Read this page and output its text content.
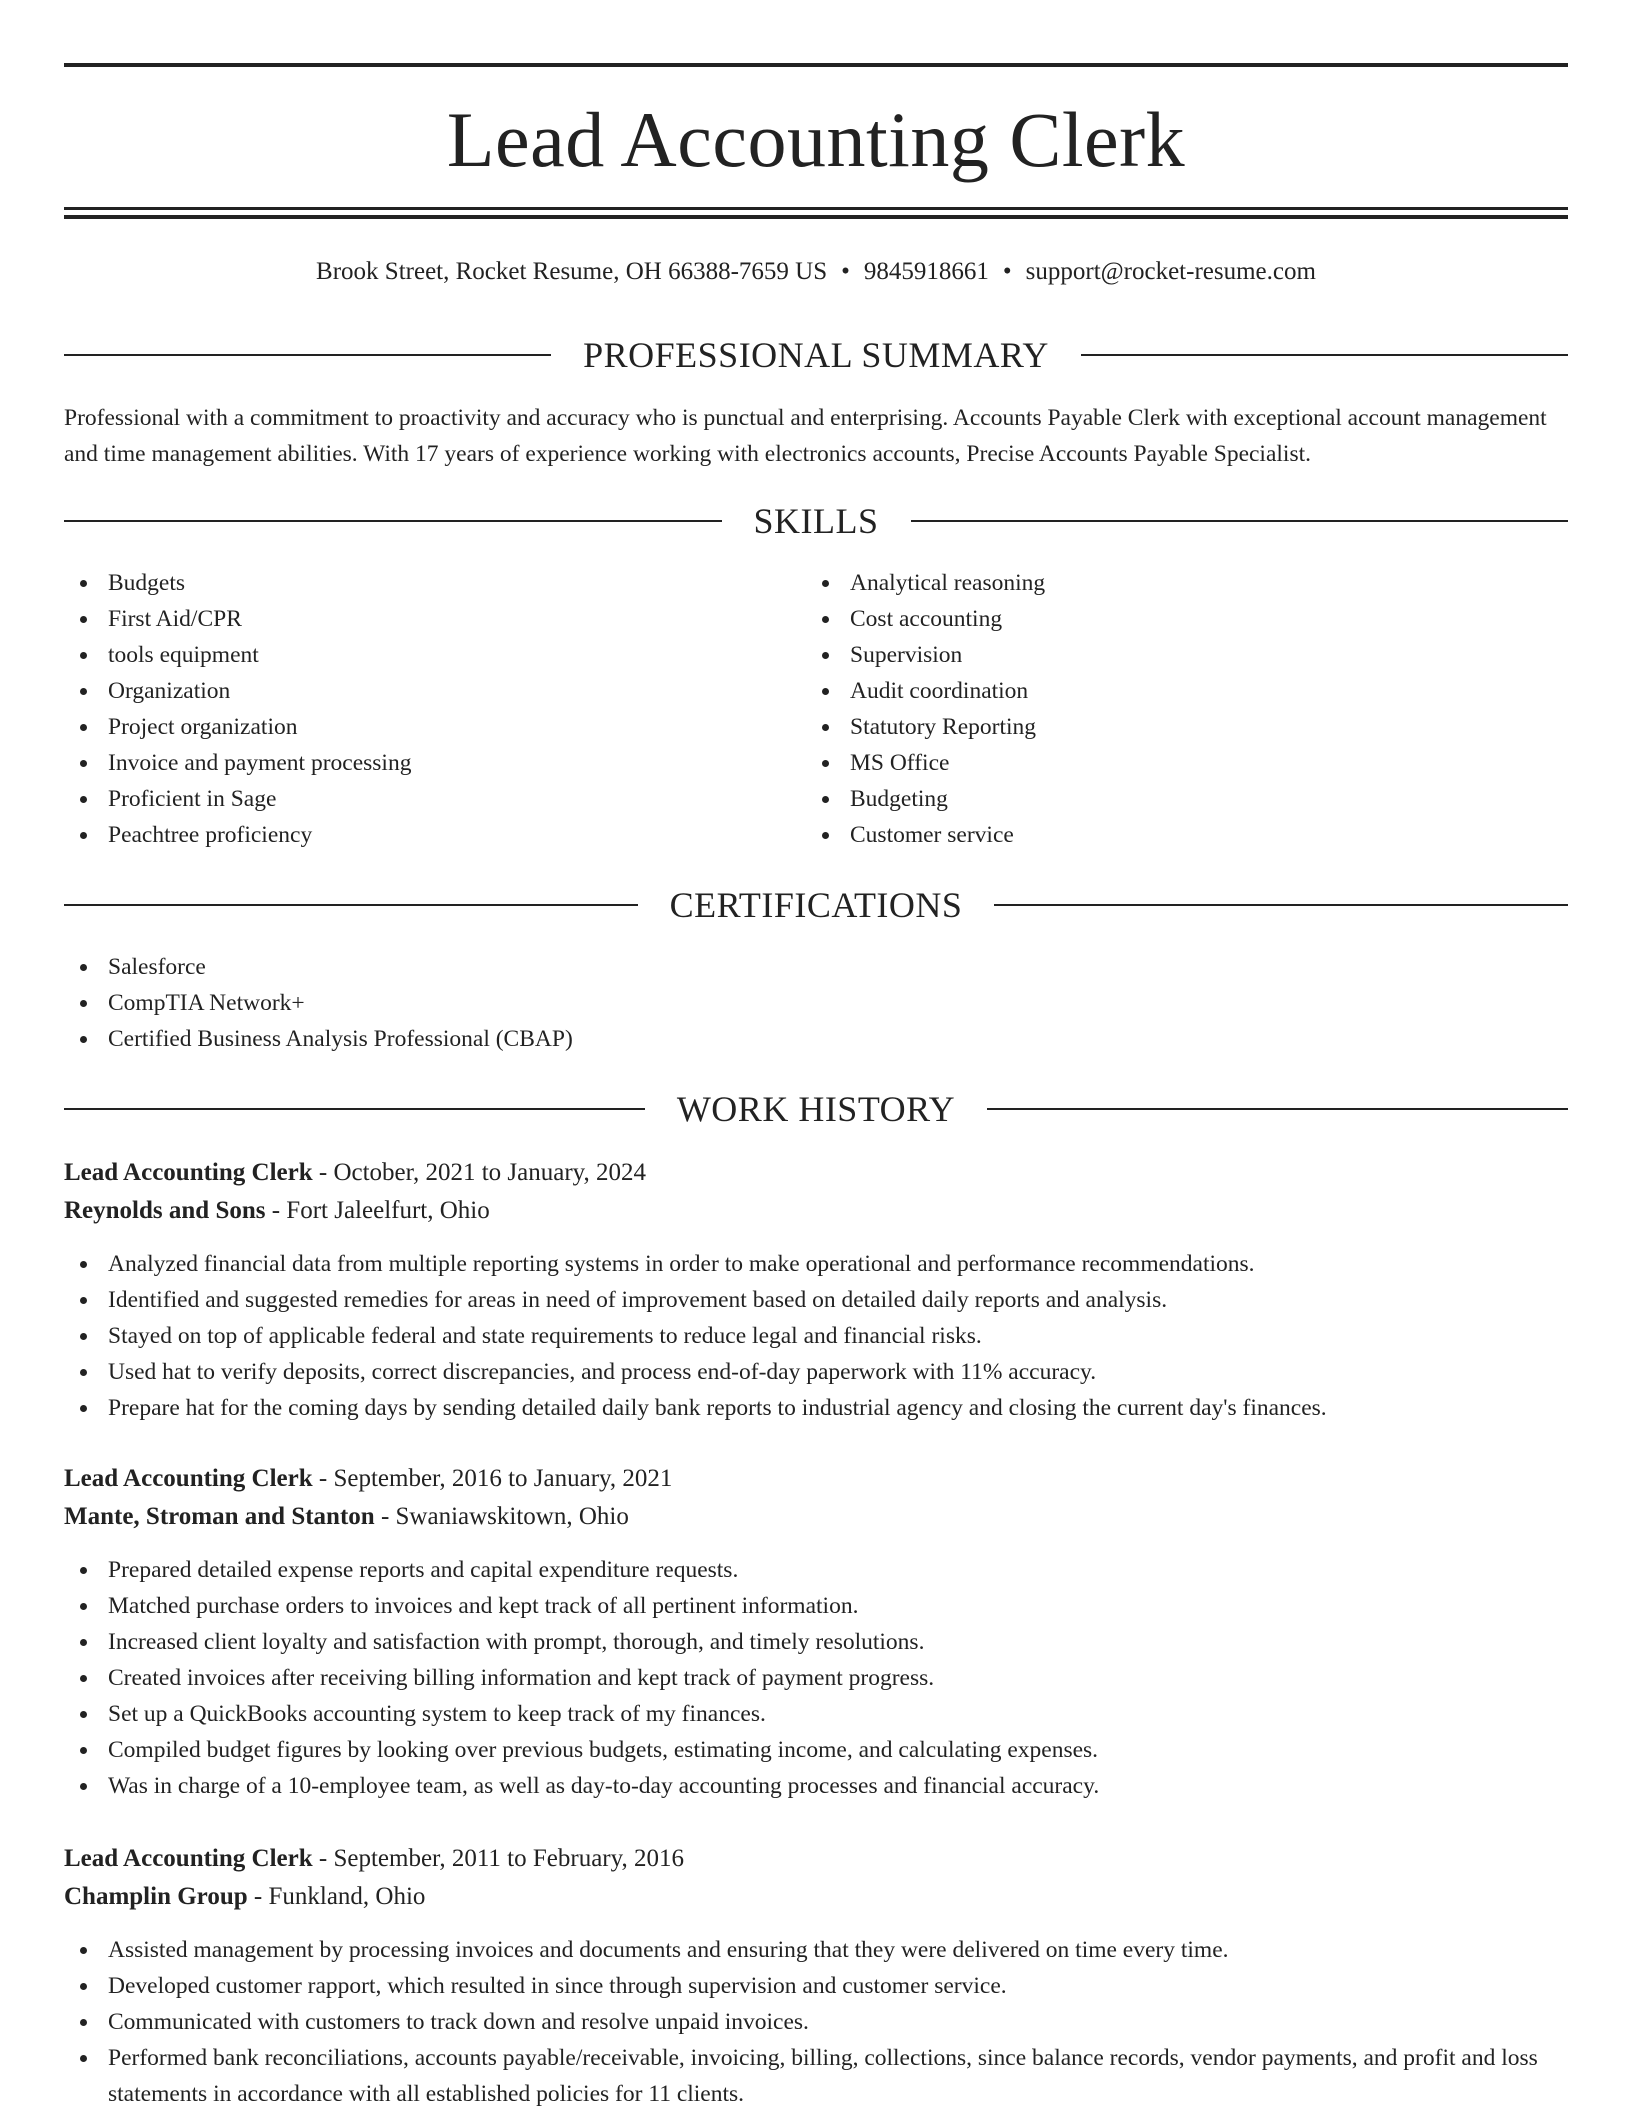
Lead Accounting Clerk
Brook Street, Rocket Resume, OH 66388-7659 US • 9845918661 • support@rocket-resume.com
PROFESSIONAL SUMMARY

Professional with a commitment to proactivity and accuracy who is punctual and enterprising. Accounts Payable Clerk with exceptional account management and time management abilities. With 17 years of experience working with electronics accounts, Precise Accounts Payable Specialist.

SKILLS
Budgets
First Aid/CPR
tools equipment
Organization
Project organization
Invoice and payment processing
Proficient in Sage
Peachtree proficiency
Analytical reasoning
Cost accounting
Supervision
Audit coordination
Statutory Reporting
MS Office
Budgeting
Customer service
CERTIFICATIONS
Salesforce
CompTIA Network+
Certified Business Analysis Professional (CBAP)
WORK HISTORY
Lead Accounting Clerk - October, 2021 to January, 2024
Reynolds and Sons - Fort Jaleelfurt, Ohio
Analyzed financial data from multiple reporting systems in order to make operational and performance recommendations.
Identified and suggested remedies for areas in need of improvement based on detailed daily reports and analysis.
Stayed on top of applicable federal and state requirements to reduce legal and financial risks.
Used hat to verify deposits, correct discrepancies, and process end-of-day paperwork with 11% accuracy.
Prepare hat for the coming days by sending detailed daily bank reports to industrial agency and closing the current day's finances.
Lead Accounting Clerk - September, 2016 to January, 2021
Mante, Stroman and Stanton - Swaniawskitown, Ohio
Prepared detailed expense reports and capital expenditure requests.
Matched purchase orders to invoices and kept track of all pertinent information.
Increased client loyalty and satisfaction with prompt, thorough, and timely resolutions.
Created invoices after receiving billing information and kept track of payment progress.
Set up a QuickBooks accounting system to keep track of my finances.
Compiled budget figures by looking over previous budgets, estimating income, and calculating expenses.
Was in charge of a 10-employee team, as well as day-to-day accounting processes and financial accuracy.
Lead Accounting Clerk - September, 2011 to February, 2016
Champlin Group - Funkland, Ohio
Assisted management by processing invoices and documents and ensuring that they were delivered on time every time.
Developed customer rapport, which resulted in since through supervision and customer service.
Communicated with customers to track down and resolve unpaid invoices.
Performed bank reconciliations, accounts payable/receivable, invoicing, billing, collections, since balance records, vendor payments, and profit and loss statements in accordance with all established policies for 11 clients.
